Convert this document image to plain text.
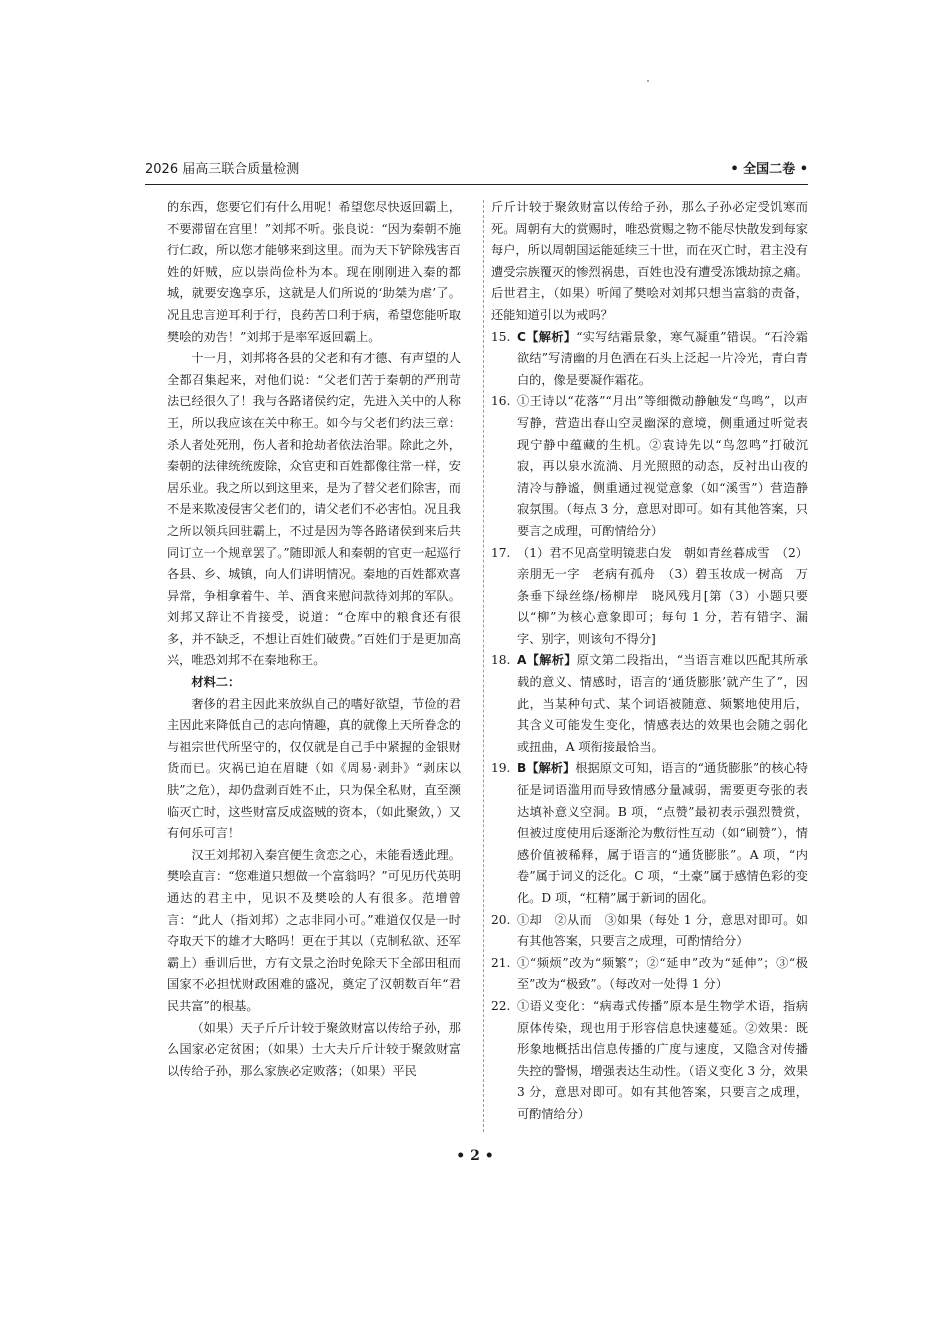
2026 届高三联合质量检测	• 全国二卷 •

的东西，您要它们有什么用呢！希望您尽快返回霸上，不要滞留在宫里！”刘邦不听。张良说：“因为秦朝不施行仁政，所以您才能够来到这里。而为天下铲除残害百姓的奸贼，应以崇尚俭朴为本。现在刚刚进入秦的都城，就要安逸享乐，这就是人们所说的‘助桀为虐’了。况且忠言逆耳利于行，良药苦口利于病，希望您能听取樊哙的劝告！”刘邦于是率军返回霸上。

十一月，刘邦将各县的父老和有才德、有声望的人全都召集起来，对他们说：“父老们苦于秦朝的严刑苛法已经很久了！我与各路诸侯约定，先进入关中的人称王，所以我应该在关中称王。如今与父老们约法三章：杀人者处死刑，伤人者和抢劫者依法治罪。除此之外，秦朝的法律统统废除，众官吏和百姓都像往常一样，安居乐业。我之所以到这里来，是为了替父老们除害，而不是来欺凌侵害父老们的，请父老们不必害怕。况且我之所以领兵回驻霸上，不过是因为等各路诸侯到来后共同订立一个规章罢了。”随即派人和秦朝的官吏一起巡行各县、乡、城镇，向人们讲明情况。秦地的百姓都欢喜异常，争相拿着牛、羊、酒食来慰问款待刘邦的军队。刘邦又辞让不肯接受，说道：“仓库中的粮食还有很多，并不缺乏，不想让百姓们破费。”百姓们于是更加高兴，唯恐刘邦不在秦地称王。

材料二：

奢侈的君主因此来放纵自己的嗜好欲望，节俭的君主因此来降低自己的志向情趣，真的就像上天所眷念的与祖宗世代所坚守的，仅仅就是自己手中紧握的金银财货而已。灾祸已迫在眉睫（如《周易·剥卦》“剥床以肤”之危），却仍盘剥百姓不止，只为保全私财，直至濒临灭亡时，这些财富反成盗贼的资本，（如此聚敛，）又有何乐可言！

汉王刘邦初入秦宫便生贪恋之心，未能看透此理。樊哙直言：“您难道只想做一个富翁吗？”可见历代英明通达的君主中，见识不及樊哙的人有很多。范增曾言：“此人（指刘邦）之志非同小可。”难道仅仅是一时夺取天下的雄才大略吗！更在于其以（克制私欲、还军霸上）垂训后世，方有文景之治时免除天下全部田租而国家不必担忧财政困难的盛况，奠定了汉朝数百年“君民共富”的根基。

（如果）天子斤斤计较于聚敛财富以传给子孙，那么国家必定贫困；（如果）士大夫斤斤计较于聚敛财富以传给子孙，那么家族必定败落；（如果）平民

斤斤计较于聚敛财富以传给子孙，那么子孙必定受饥寒而死。周朝有大的赏赐时，唯恐赏赐之物不能尽快散发到每家每户，所以周朝国运能延续三十世，而在灭亡时，君主没有遭受宗族覆灭的惨烈祸患，百姓也没有遭受冻饿劫掠之痛。后世君主，（如果）听闻了樊哙对刘邦只想当富翁的责备，还能知道引以为戒吗？

15. C【解析】“实写结霜景象，寒气凝重”错误。“石泠霜欲结”写清幽的月色洒在石头上泛起一片冷光，青白青白的，像是要凝作霜花。

16. ①王诗以“花落”“月出”等细微动静触发“鸟鸣”，以声写静，营造出春山空灵幽深的意境，侧重通过听觉表现宁静中蕴藏的生机。②袁诗先以“鸟忽鸣”打破沉寂，再以泉水流淌、月光照照的动态，反衬出山夜的清冷与静谧，侧重通过视觉意象（如“溪雪”）营造静寂氛围。（每点 3 分，意思对即可。如有其他答案，只要言之成理，可酌情给分）

17. （1）君不见高堂明镜悲白发　朝如青丝暮成雪　（2）亲朋无一字　老病有孤舟　（3）碧玉妆成一树高　万条垂下绿丝绦/杨柳岸　晓风残月[第（3）小题只要以“柳”为核心意象即可；每句 1 分，若有错字、漏字、别字，则该句不得分]

18. A【解析】原文第二段指出，“当语言难以匹配其所承载的意义、情感时，语言的‘通货膨胀’就产生了”，因此，当某种句式、某个词语被随意、频繁地使用后，其含义可能发生变化，情感表达的效果也会随之弱化或扭曲，A 项衔接最恰当。

19. B【解析】根据原文可知，语言的“通货膨胀”的核心特征是词语滥用而导致情感分量减弱，需要更夸张的表达填补意义空洞。B 项，“点赞”最初表示强烈赞赏，但被过度使用后逐渐沦为敷衍性互动（如“刷赞”），情感价值被稀释，属于语言的“通货膨胀”。A 项，“内卷”属于词义的泛化。C 项，“土豪”属于感情色彩的变化。D 项，“杠精”属于新词的固化。

20. ①却　②从而　③如果（每处 1 分，意思对即可。如有其他答案，只要言之成理，可酌情给分）

21. ①“频烦”改为“频繁”；②“延申”改为“延伸”；③“极至”改为“极致”。（每改对一处得 1 分）

22. ①语义变化：“病毒式传播”原本是生物学术语，指病原体传染，现也用于形容信息快速蔓延。②效果：既形象地概括出信息传播的广度与速度，又隐含对传播失控的警惕，增强表达生动性。（语义变化 3 分，效果 3 分，意思对即可。如有其他答案，只要言之成理，可酌情给分）

• 2 •
